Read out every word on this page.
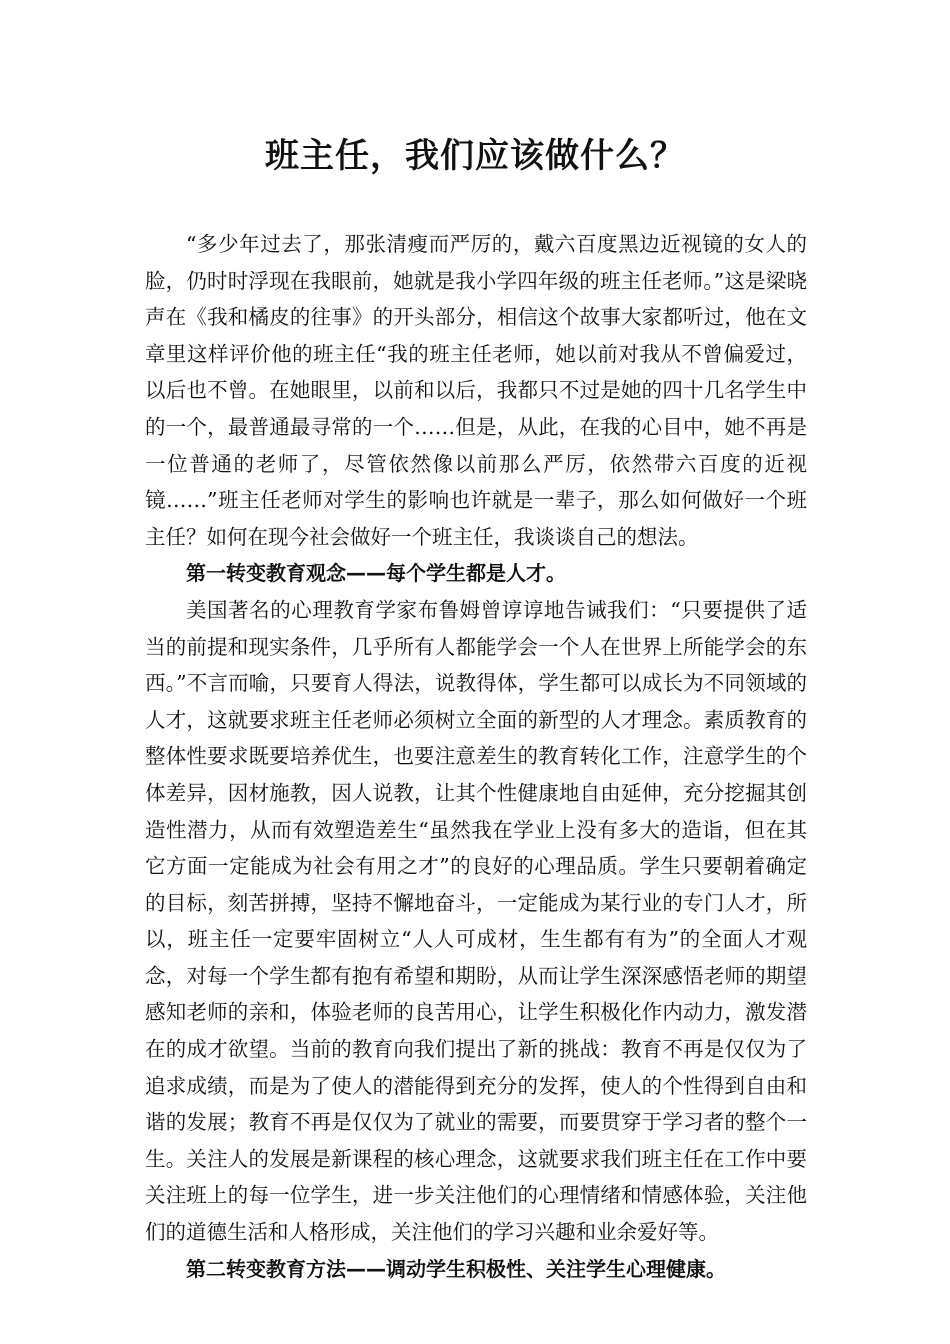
班主任，我们应该做什么？

“多少年过去了，那张清瘦而严厉的，戴六百度黑边近视镜的女人的脸，仍时时浮现在我眼前，她就是我小学四年级的班主任老师。”这是梁晓声在《我和橘皮的往事》的开头部分，相信这个故事大家都听过，他在文章里这样评价他的班主任“我的班主任老师，她以前对我从不曾偏爱过，以后也不曾。在她眼里，以前和以后，我都只不过是她的四十几名学生中的一个，最普通最寻常的一个……但是，从此，在我的心目中，她不再是一位普通的老师了，尽管依然像以前那么严厉，依然带六百度的近视镜……”班主任老师对学生的影响也许就是一辈子，那么如何做好一个班主任？如何在现今社会做好一个班主任，我谈谈自己的想法。

第一转变教育观念——每个学生都是人才。

美国著名的心理教育学家布鲁姆曾谆谆地告诫我们：“只要提供了适当的前提和现实条件，几乎所有人都能学会一个人在世界上所能学会的东西。”不言而喻，只要育人得法，说教得体，学生都可以成长为不同领域的人才，这就要求班主任老师必须树立全面的新型的人才理念。素质教育的整体性要求既要培养优生，也要注意差生的教育转化工作，注意学生的个体差异，因材施教，因人说教，让其个性健康地自由延伸，充分挖掘其创造性潜力，从而有效塑造差生“虽然我在学业上没有多大的造诣，但在其它方面一定能成为社会有用之才”的良好的心理品质。学生只要朝着确定的目标，刻苦拼搏，坚持不懈地奋斗，一定能成为某行业的专门人才，所以，班主任一定要牢固树立“人人可成材，生生都有有为”的全面人才观念，对每一个学生都有抱有希望和期盼，从而让学生深深感悟老师的期望感知老师的亲和，体验老师的良苦用心，让学生积极化作内动力，激发潜在的成才欲望。当前的教育向我们提出了新的挑战：教育不再是仅仅为了追求成绩，而是为了使人的潜能得到充分的发挥，使人的个性得到自由和谐的发展；教育不再是仅仅为了就业的需要，而要贯穿于学习者的整个一生。关注人的发展是新课程的核心理念，这就要求我们班主任在工作中要关注班上的每一位学生，进一步关注他们的心理情绪和情感体验，关注他们的道德生活和人格形成，关注他们的学习兴趣和业余爱好等。

第二转变教育方法——调动学生积极性、关注学生心理健康。
